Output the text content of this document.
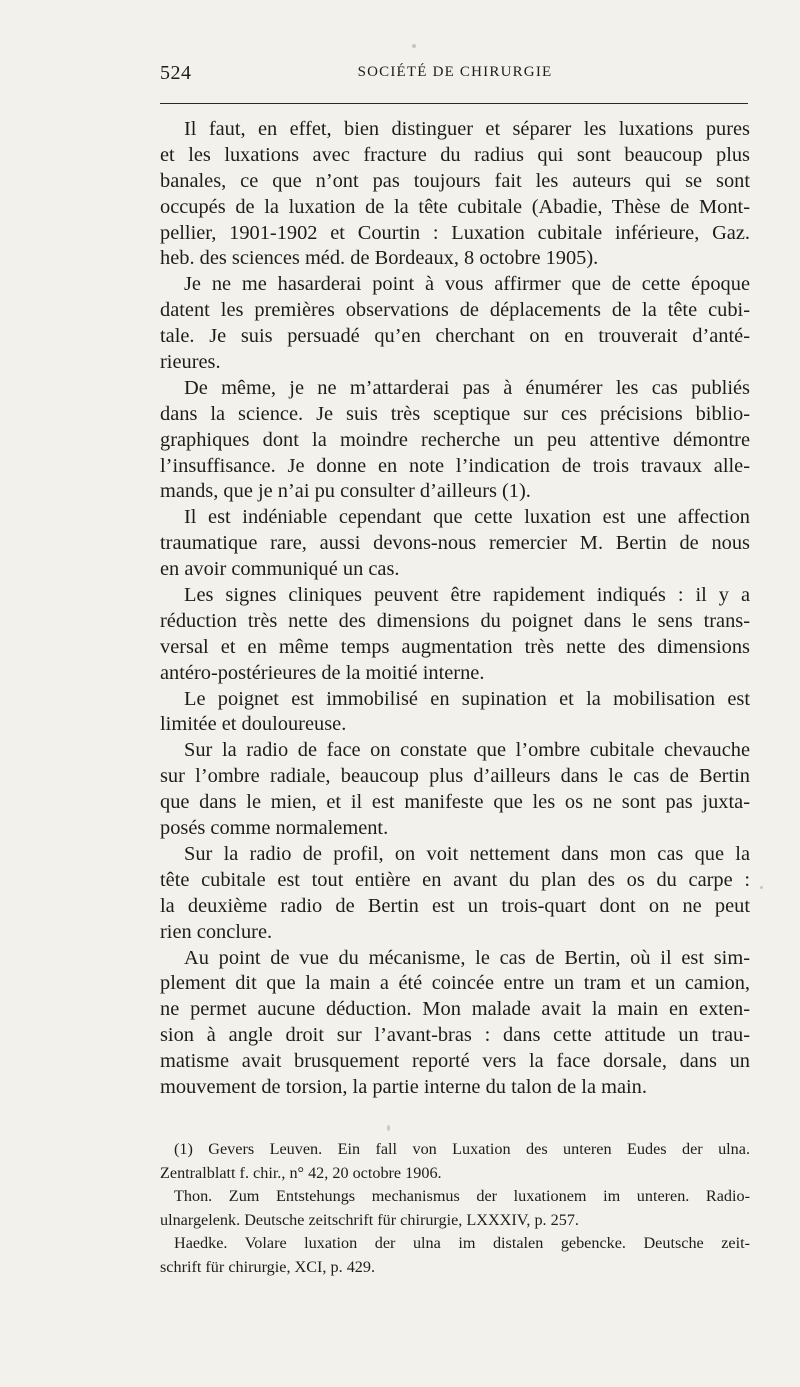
524	SOCIÉTÉ DE CHIRURGIE
Il faut, en effet, bien distinguer et séparer les luxations pures
et les luxations avec fracture du radius qui sont beaucoup plus
banales, ce que n’ont pas toujours fait les auteurs qui se sont
occupés de la luxation de la tête cubitale (Abadie, Thèse de Mont-
pellier, 1901-1902 et Courtin : Luxation cubitale inférieure, Gaz.
heb. des sciences méd. de Bordeaux, 8 octobre 1905).
Je ne me hasarderai point à vous affirmer que de cette époque
datent les premières observations de déplacements de la tête cubi-
tale. Je suis persuadé qu’en cherchant on en trouverait d’anté-
rieures.
De même, je ne m’attarderai pas à énumérer les cas publiés
dans la science. Je suis très sceptique sur ces précisions biblio-
graphiques dont la moindre recherche un peu attentive démontre
l’insuffisance. Je donne en note l’indication de trois travaux alle-
mands, que je n’ai pu consulter d’ailleurs (1).
Il est indéniable cependant que cette luxation est une affection
traumatique rare, aussi devons-nous remercier M. Bertin de nous
en avoir communiqué un cas.
Les signes cliniques peuvent être rapidement indiqués : il y a
réduction très nette des dimensions du poignet dans le sens trans-
versal et en même temps augmentation très nette des dimensions
antéro-postérieures de la moitié interne.
Le poignet est immobilisé en supination et la mobilisation est
limitée et douloureuse.
Sur la radio de face on constate que l’ombre cubitale chevauche
sur l’ombre radiale, beaucoup plus d’ailleurs dans le cas de Bertin
que dans le mien, et il est manifeste que les os ne sont pas juxta-
posés comme normalement.
Sur la radio de profil, on voit nettement dans mon cas que la
tête cubitale est tout entière en avant du plan des os du carpe :
la deuxième radio de Bertin est un trois-quart dont on ne peut
rien conclure.
Au point de vue du mécanisme, le cas de Bertin, où il est sim-
plement dit que la main a été coincée entre un tram et un camion,
ne permet aucune déduction. Mon malade avait la main en exten-
sion à angle droit sur l’avant-bras : dans cette attitude un trau-
matisme avait brusquement reporté vers la face dorsale, dans un
mouvement de torsion, la partie interne du talon de la main.
(1) Gevers Leuven. Ein fall von Luxation des unteren Eudes der ulna.
Zentralblatt f. chir., n° 42, 20 octobre 1906.
Thon. Zum Entstehungs mechanismus der luxationem im unteren. Radio-
ulnargelenk. Deutsche zeitschrift für chirurgie, LXXXIV, p. 257.
Haedke. Volare luxation der ulna im distalen gebencke. Deutsche zeit-
schrift für chirurgie, XCI, p. 429.
